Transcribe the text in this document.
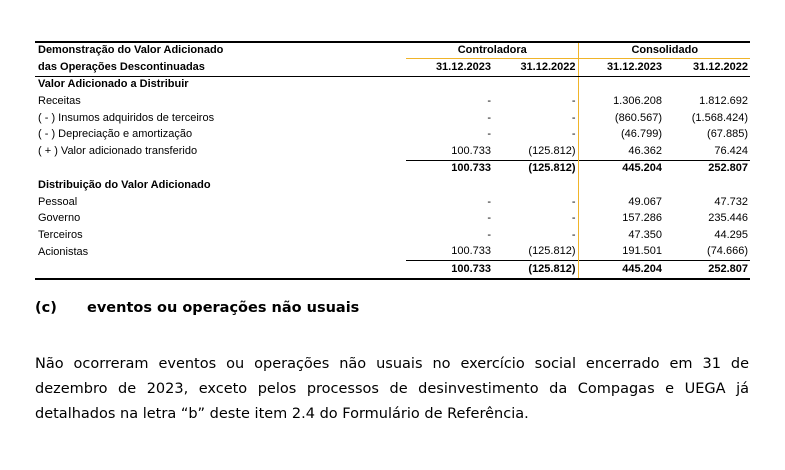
Demonstração do Valor Adicionado	Controladora		Consolidado	
das Operações Descontinuadas	31.12.2023	31.12.2022	31.12.2023	31.12.2022
Valor Adicionado a Distribuir				
Receitas	-	-	1.306.208	1.812.692
( - ) Insumos adquiridos de terceiros	-	-	(860.567)	(1.568.424)
( - ) Depreciação e amortização	-	-	(46.799)	(67.885)
( + ) Valor adicionado transferido	100.733	(125.812)	46.362	76.424
	100.733	(125.812)	445.204	252.807
Distribuição do Valor Adicionado				
Pessoal	-	-	49.067	47.732
Governo	-	-	157.286	235.446
Terceiros	-	-	47.350	44.295
Acionistas	100.733	(125.812)	191.501	(74.666)
	100.733	(125.812)	445.204	252.807
(c) eventos ou operações não usuais

Não ocorreram eventos ou operações não usuais no exercício social encerrado em 31 de dezembro de 2023, exceto pelos processos de desinvestimento da Compagas e UEGA já detalhados na letra “b” deste item 2.4 do Formulário de Referência.
